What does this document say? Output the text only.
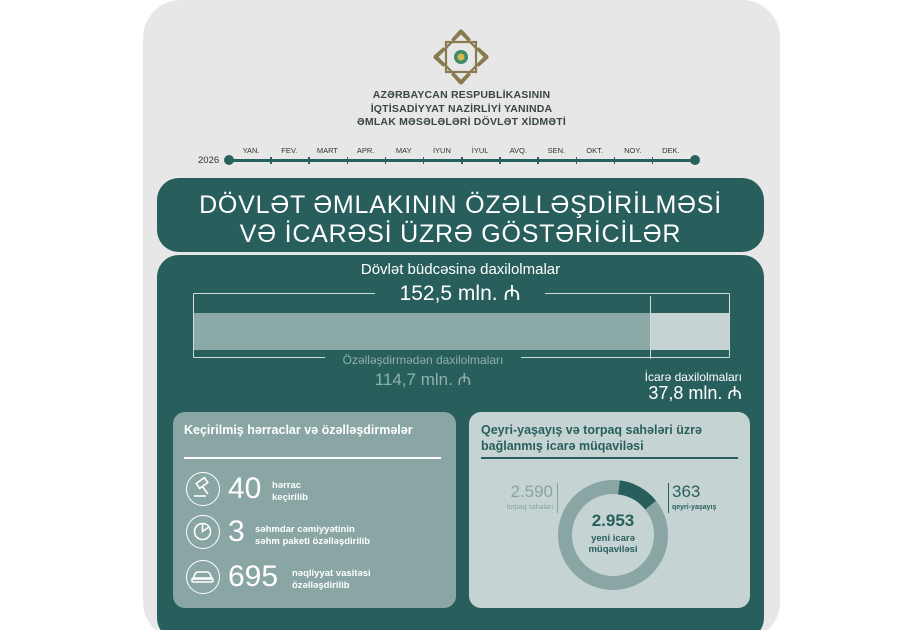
AZƏRBAYCAN RESPUBLİKASININ
İQTİSADİYYAT NAZİRLİYİ YANINDA
ƏMLAK MƏSƏLƏLƏRİ DÖVLƏT XİDMƏTİ
2026
YAN.	FEV.	MART	APR.	MAY	İYUN	İYUL	AVQ.	SEN.	OKT.	NOY.	DEK.
DÖVLƏT ƏMLAKININ ÖZƏLLƏŞDİRİLMƏSİ
VƏ İCARƏSİ ÜZRƏ GÖSTƏRİCİLƏR
Dövlət büdcəsinə daxilolmalar
152,5 mln. ₼
Özəlləşdirmədən daxilolmaları
114,7 mln. ₼	İcarə daxilolmaları
37,8 mln. ₼
Keçirilmiş hərraclar və özəlləşdirmələr
40 hərrac
keçirilib
3 səhmdar cəmiyyətinin
səhm paketi özəlləşdirilib
695 nəqliyyat vasitəsi
özəlləşdirilib
Qeyri-yaşayış və torpaq sahələri üzrə bağlanmış icarə müqaviləsi
2.590
torpaq sahələri
363
qeyri-yaşayış
2.953
yeni icarə
müqaviləsi
